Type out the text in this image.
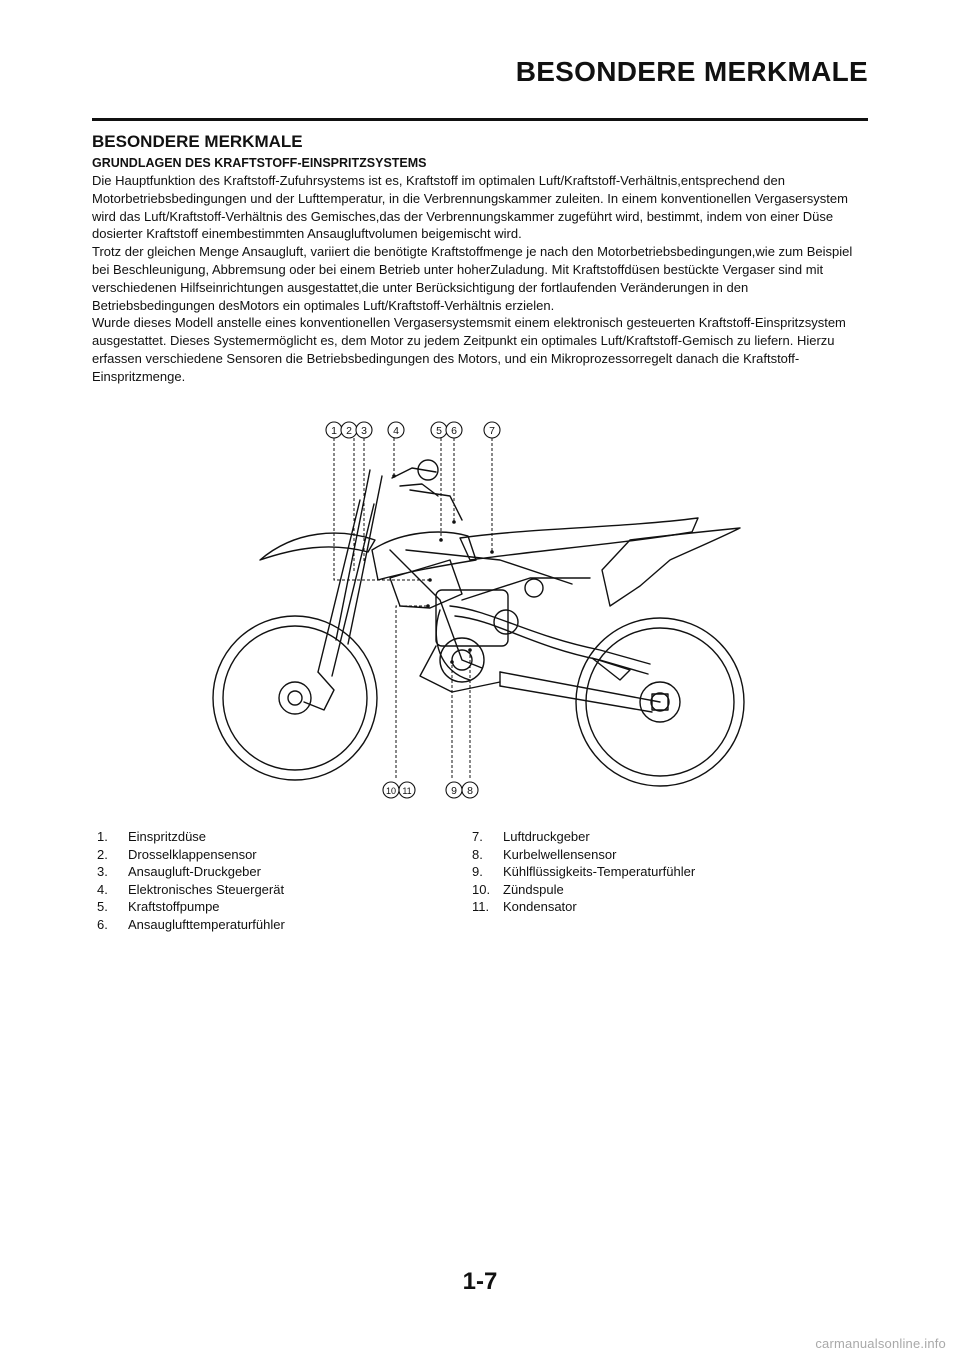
BESONDERE MERKMALE
BESONDERE MERKMALE
GRUNDLAGEN DES KRAFTSTOFF-EINSPRITZSYSTEMS

Die Hauptfunktion des Kraftstoff-Zufuhrsystems ist es, Kraftstoff im optimalen Luft/Kraftstoff-Verhältnis,entsprechend den Motorbetriebsbedingungen und der Lufttemperatur, in die Verbrennungskammer zuleiten. In einem konventionellen Vergasersystem wird das Luft/Kraftstoff-Verhältnis des Gemisches,das der Verbrennungskammer zugeführt wird, bestimmt, indem von einer Düse dosierter Kraftstoff einembestimmten Ansaugluftvolumen beigemischt wird.

Trotz der gleichen Menge Ansaugluft, variiert die benötigte Kraftstoffmenge je nach den Motorbetriebsbedingungen,wie zum Beispiel bei Beschleunigung, Abbremsung oder bei einem Betrieb unter hoherZuladung. Mit Kraftstoffdüsen bestückte Vergaser sind mit verschiedenen Hilfseinrichtungen ausgestattet,die unter Berücksichtigung der fortlaufenden Veränderungen in den Betriebsbedingungen desMotors ein optimales Luft/Kraftstoff-Verhältnis erzielen.

Wurde dieses Modell anstelle eines konventionellen Vergasersystemsmit einem elektronisch gesteuerten Kraftstoff-Einspritzsystem ausgestattet. Dieses Systemermöglicht es, dem Motor zu jedem Zeitpunkt ein optimales Luft/Kraftstoff-Gemisch zu liefern. Hierzu erfassen verschiedene Sensoren die Betriebsbedingungen des Motors, und ein Mikroprozessorregelt danach die Kraftstoff-Einspritzmenge.

1 2 3 4	5 6	7
10 11	9 8
1.	Einspritzdüse
2.	Drosselklappensensor
3.	Ansaugluft-Druckgeber
4.	Elektronisches Steuergerät
5.	Kraftstoffpumpe
6.	Ansauglufttemperaturfühler
7.	Luftdruckgeber
8.	Kurbelwellensensor
9.	Kühlflüssigkeits-Temperaturfühler
10. Zündspule
11.	Kondensator
1-7
carmanualsonline.info
